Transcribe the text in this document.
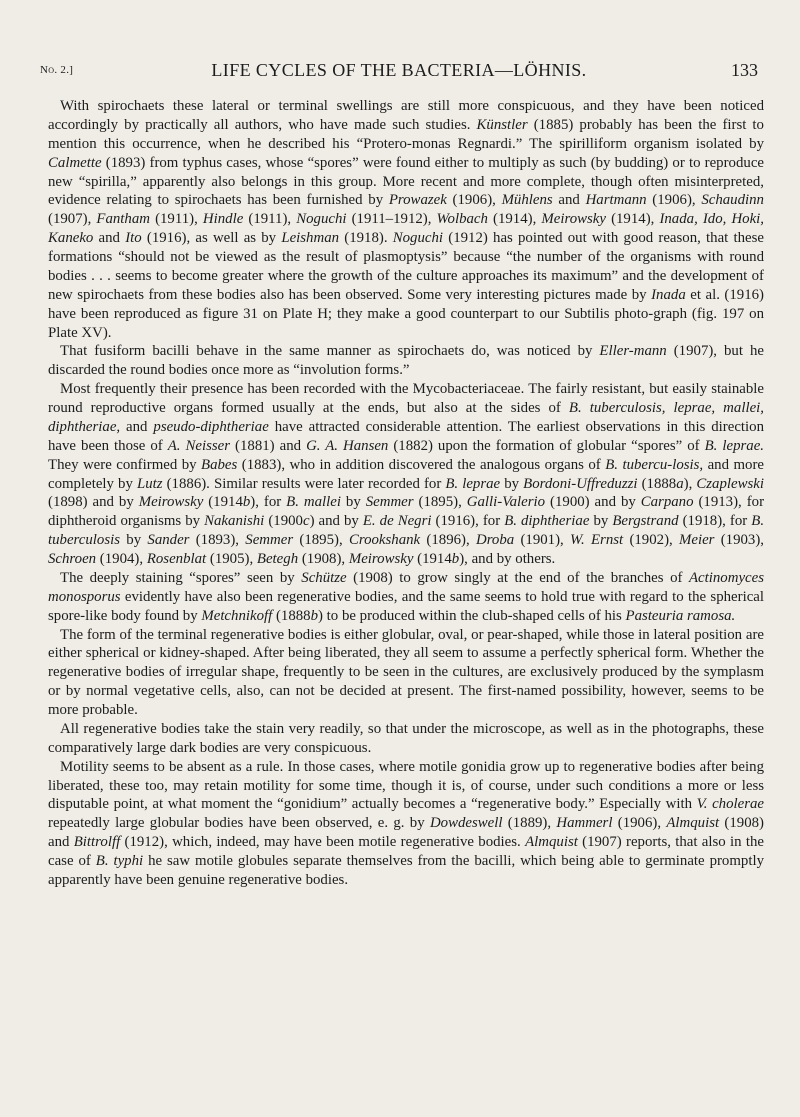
No. 2.]	LIFE CYCLES OF THE BACTERIA—LÖHNIS.	133

With spirochaets these lateral or terminal swellings are still more conspicuous, and they have been noticed accordingly by practically all authors, who have made such studies. Künstler (1885) probably has been the first to mention this occurrence, when he described his “Protero-monas Regnardi.” The spirilliform organism isolated by Calmette (1893) from typhus cases, whose “spores” were found either to multiply as such (by budding) or to reproduce new “spirilla,” apparently also belongs in this group. More recent and more complete, though often misinterpreted, evidence relating to spirochaets has been furnished by Prowazek (1906), Mühlens and Hartmann (1906), Schaudinn (1907), Fantham (1911), Hindle (1911), Noguchi (1911–1912), Wolbach (1914), Meirowsky (1914), Inada, Ido, Hoki, Kaneko and Ito (1916), as well as by Leishman (1918). Noguchi (1912) has pointed out with good reason, that these formations “should not be viewed as the result of plasmoptysis” because “the number of the organisms with round bodies . . . seems to become greater where the growth of the culture approaches its maximum” and the development of new spirochaets from these bodies also has been observed. Some very interesting pictures made by Inada et al. (1916) have been reproduced as figure 31 on Plate H; they make a good counterpart to our Subtilis photo-graph (fig. 197 on Plate XV).

That fusiform bacilli behave in the same manner as spirochaets do, was noticed by Eller-mann (1907), but he discarded the round bodies once more as “involution forms.”

Most frequently their presence has been recorded with the Mycobacteriaceae. The fairly resistant, but easily stainable round reproductive organs formed usually at the ends, but also at the sides of B. tuberculosis, leprae, mallei, diphtheriae, and pseudo-diphtheriae have attracted considerable attention. The earliest observations in this direction have been those of A. Neisser (1881) and G. A. Hansen (1882) upon the formation of globular “spores” of B. leprae. They were confirmed by Babes (1883), who in addition discovered the analogous organs of B. tubercu-losis, and more completely by Lutz (1886). Similar results were later recorded for B. leprae by Bordoni-Uffreduzzi (1888a), Czaplewski (1898) and by Meirowsky (1914b), for B. mallei by Semmer (1895), Galli-Valerio (1900) and by Carpano (1913), for diphtheroid organisms by Nakanishi (1900c) and by E. de Negri (1916), for B. diphtheriae by Bergstrand (1918), for B. tuberculosis by Sander (1893), Semmer (1895), Crookshank (1896), Droba (1901), W. Ernst (1902), Meier (1903), Schroen (1904), Rosenblat (1905), Betegh (1908), Meirowsky (1914b), and by others.

The deeply staining “spores” seen by Schütze (1908) to grow singly at the end of the branches of Actinomyces monosporus evidently have also been regenerative bodies, and the same seems to hold true with regard to the spherical spore-like body found by Metchnikoff (1888b) to be produced within the club-shaped cells of his Pasteuria ramosa.

The form of the terminal regenerative bodies is either globular, oval, or pear-shaped, while those in lateral position are either spherical or kidney-shaped. After being liberated, they all seem to assume a perfectly spherical form. Whether the regenerative bodies of irregular shape, frequently to be seen in the cultures, are exclusively produced by the symplasm or by normal vegetative cells, also, can not be decided at present. The first-named possibility, however, seems to be more probable.

All regenerative bodies take the stain very readily, so that under the microscope, as well as in the photographs, these comparatively large dark bodies are very conspicuous.

Motility seems to be absent as a rule. In those cases, where motile gonidia grow up to regenerative bodies after being liberated, these too, may retain motility for some time, though it is, of course, under such conditions a more or less disputable point, at what moment the “gonidium” actually becomes a “regenerative body.” Especially with V. cholerae repeatedly large globular bodies have been observed, e. g. by Dowdeswell (1889), Hammerl (1906), Almquist (1908) and Bittrolff (1912), which, indeed, may have been motile regenerative bodies. Almquist (1907) reports, that also in the case of B. typhi he saw motile globules separate themselves from the bacilli, which being able to germinate promptly apparently have been genuine regenerative bodies.
